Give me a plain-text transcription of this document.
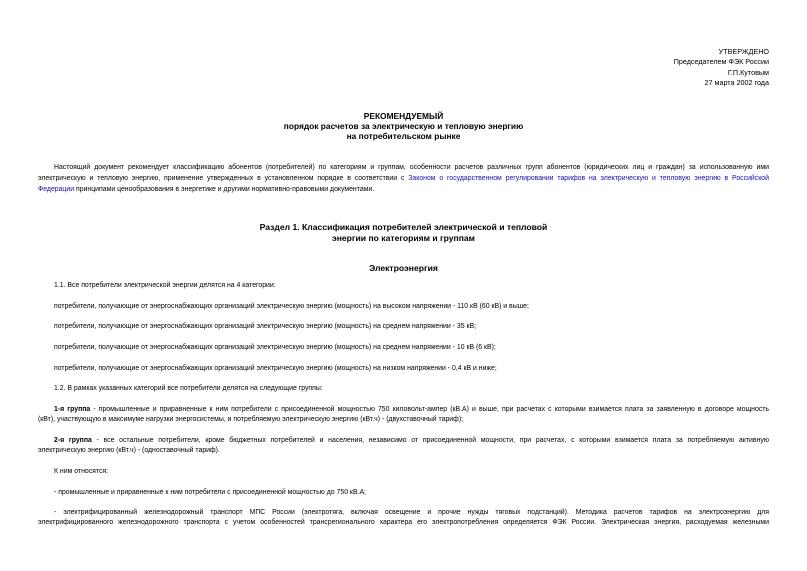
УТВЕРЖДЕНО
Председателем ФЭК России
Г.П.Кутовым
27 марта 2002 года
РЕКОМЕНДУЕМЫЙ
порядок расчетов за электрическую и тепловую энергию
на потребительском рынке
Настоящий документ рекомендует классификацию абонентов (потребителей) по категориям и группам, особенности расчетов различных групп абонентов (юридических лиц и граждан) за использованную ими
электрическую и тепловую энергию, применение утвержденных в установленном порядке в соответствии с Законом о государственном регулировании тарифов на электрическую и тепловую энергию в Российской
Федерации принципами ценообразования в энергетике и другими нормативно-правовыми документами.
Раздел 1. Классификация потребителей электрической и тепловой
энергии по категориям и группам
Электроэнергия
1.1. Все потребители электрической энергии делятся на 4 категории:
потребители, получающие от энергоснабжающих организаций электрическую энергию (мощность) на высоком напряжении - 110 кВ (60 кВ) и выше;
потребители, получающие от энергоснабжающих организаций электрическую энергию (мощность) на среднем напряжении - 35 кВ;
потребители, получающие от энергоснабжающих организаций электрическую энергию (мощность) на среднем напряжении - 10 кВ (6 кВ);
потребители, получающие от энергоснабжающих организаций электрическую энергию (мощность) на низком напряжении - 0,4 кВ и ниже;
1.2. В рамках указанных категорий все потребители делятся на следующие группы:
1-я группа - промышленные и приравненные к ним потребители с присоединенной мощностью 750 киловольт-ампер (кВ.А) и выше, при расчетах с которыми взимается плата за заявленную в договоре мощность
(кВт), участвующую в максимуме нагрузки энергосистемы, и потребляемую электрическую энергию (кВт.ч) - (двухставочный тариф);
2-я группа - все остальные потребители, кроме бюджетных потребителей и населения, независимо от присоединенной мощности, при расчетах, с которыми взимается плата за потребляемую активную
электрическую энергию (кВт.ч) - (одноставочный тариф).
К ним относятся:
- промышленные и приравненные к ним потребители с присоединенной мощностью до 750 кВ.А;
- электрифицированный железнодорожный транспорт МПС России (электротяга, включая освещение и прочие нужды тяговых подстанций). Методика расчетов тарифов на электроэнергию для
электрифицированного железнодорожного транспорта с учетом особенностей трансрегионального характера его электропотребления определяется ФЭК России. Электрическая энергия, расходуемая железными
